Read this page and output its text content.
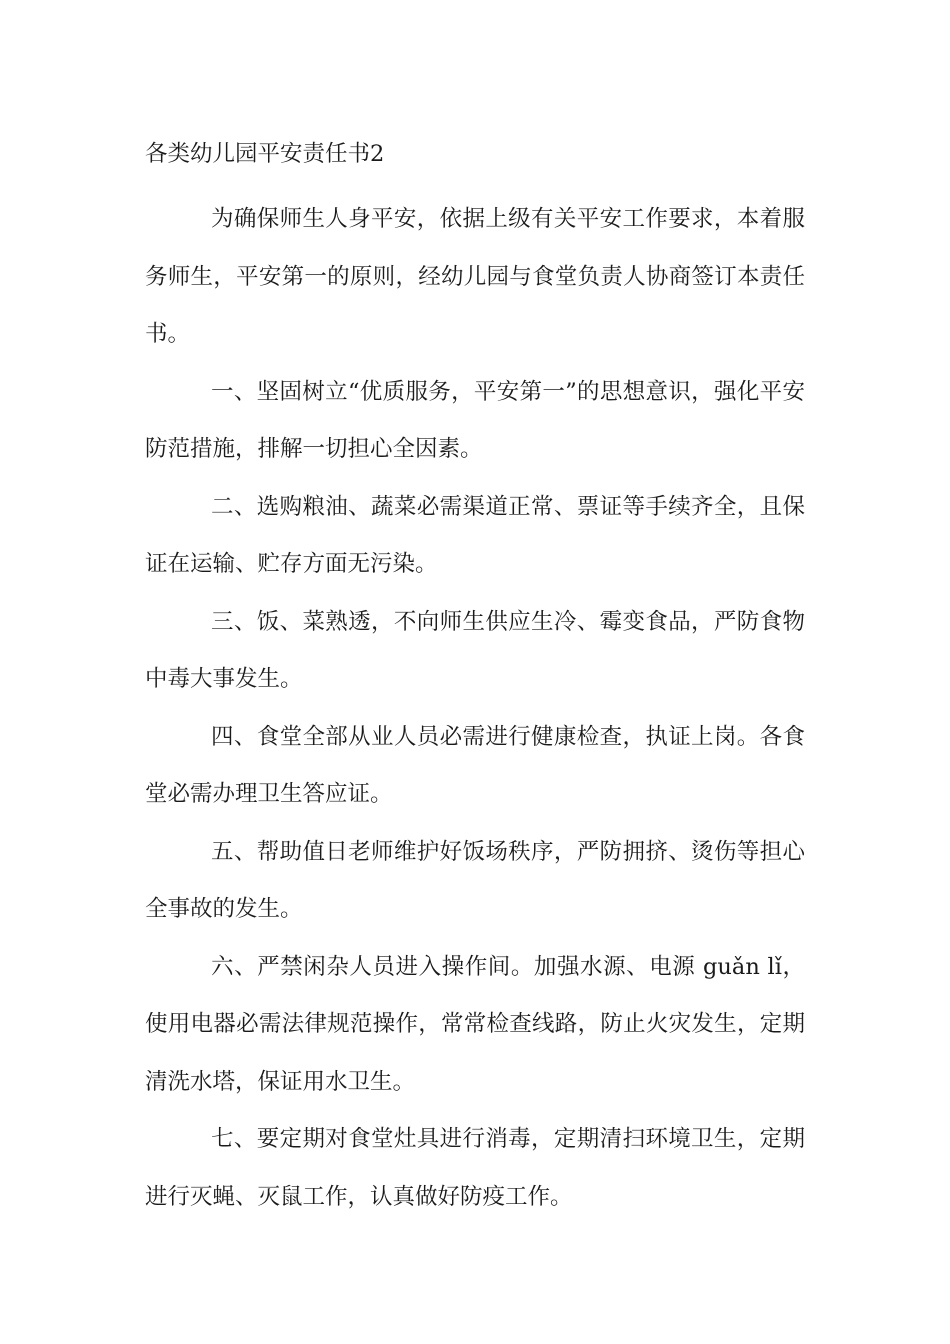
各类幼儿园平安责任书2

为确保师生人身平安，依据上级有关平安工作要求，本着服务师生，平安第一的原则，经幼儿园与食堂负责人协商签订本责任书。

一、坚固树立“优质服务，平安第一”的思想意识，强化平安防范措施，排解一切担心全因素。

二、选购粮油、蔬菜必需渠道正常、票证等手续齐全，且保证在运输、贮存方面无污染。

三、饭、菜熟透，不向师生供应生冷、霉变食品，严防食物中毒大事发生。

四、食堂全部从业人员必需进行健康检查，执证上岗。各食堂必需办理卫生答应证。

五、帮助值日老师维护好饭场秩序，严防拥挤、烫伤等担心全事故的发生。

六、严禁闲杂人员进入操作间。加强水源、电源 guǎn lǐ，使用电器必需法律规范操作，常常检查线路，防止火灾发生，定期清洗水塔，保证用水卫生。

七、要定期对食堂灶具进行消毒，定期清扫环境卫生，定期进行灭蝇、灭鼠工作，认真做好防疫工作。
